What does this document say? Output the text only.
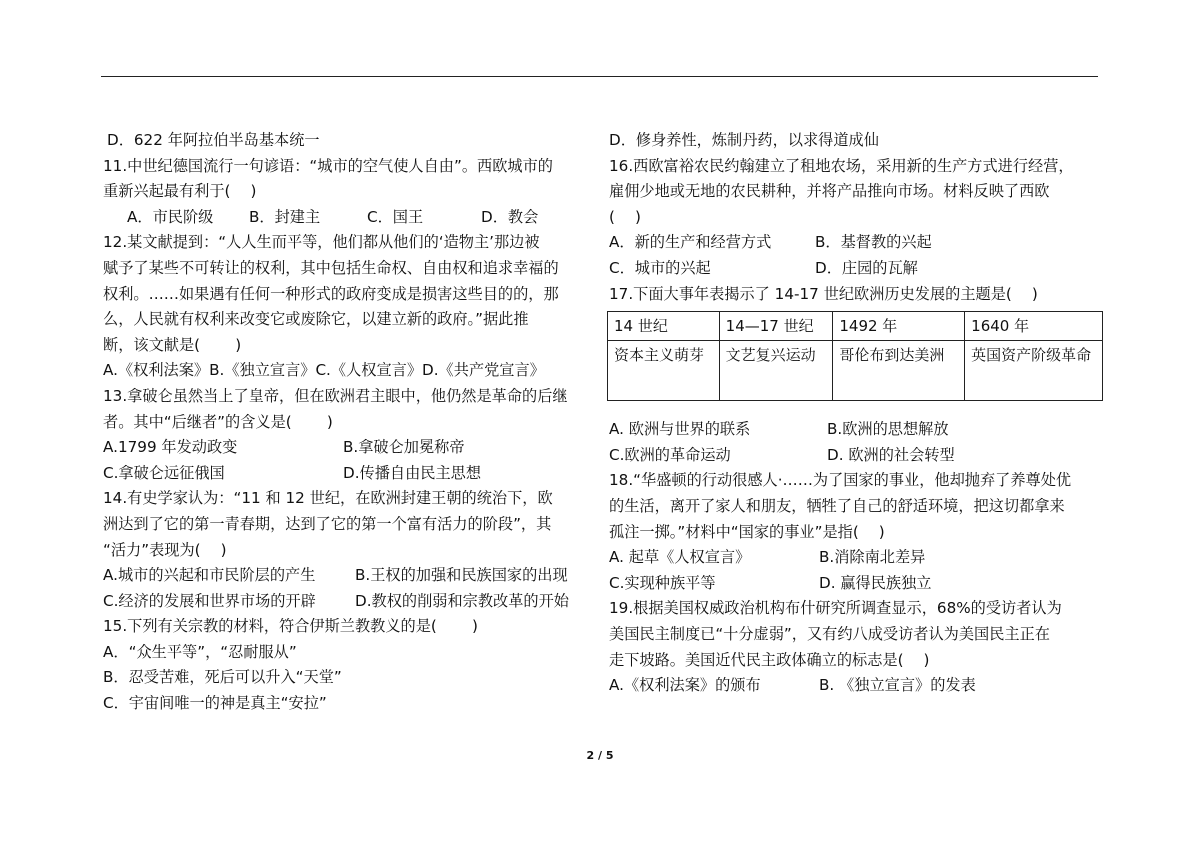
D．622 年阿拉伯半岛基本统一
11.中世纪德国流行一句谚语：“城市的空气使人自由”。西欧城市的
重新兴起最有利于(　 )
A．市民阶级 B．封建主	C．国王	D．教会
12.某文献提到：“人人生而平等，他们都从他们的‘造物主’那边被
赋予了某些不可转让的权利，其中包括生命权、自由权和追求幸福的
权利。……如果遇有任何一种形式的政府变成是损害这些目的的，那
么，人民就有权利来改变它或废除它，以建立新的政府。”据此推
断，该文献是(　 　)
A.《权利法案》B.《独立宣言》C.《人权宣言》D.《共产党宣言》
13.拿破仑虽然当上了皇帝，但在欧洲君主眼中，他仍然是革命的后继
者。其中“后继者”的含义是(　 　)
A.1799 年发动政变	B.拿破仑加冕称帝
C.拿破仑远征俄国	D.传播自由民主思想
14.有史学家认为：“11 和 12 世纪，在欧洲封建王朝的统治下，欧
洲达到了它的第一青春期，达到了它的第一个富有活力的阶段”，其
“活力”表现为(　 )
A.城市的兴起和市民阶层的产生	B.王权的加强和民族国家的出现
C.经济的发展和世界市场的开辟	D.教权的削弱和宗教改革的开始
15.下列有关宗教的材料，符合伊斯兰教教义的是(　 　)
A．“众生平等”，“忍耐服从”
B．忍受苦难，死后可以升入“天堂”
C．宇宙间唯一的神是真主“安拉”
D．修身养性，炼制丹药，以求得道成仙
16.西欧富裕农民约翰建立了租地农场，采用新的生产方式进行经营，
雇佣少地或无地的农民耕种，并将产品推向市场。材料反映了西欧
(　 )
A．新的生产和经营方式	B．基督教的兴起
C．城市的兴起	D．庄园的瓦解
17.下面大事年表揭示了 14-17 世纪欧洲历史发展的主题是(　 )
14 世纪	14—17 世纪	1492 年	1640 年
资本主义萌芽	文艺复兴运动	哥伦布到达美洲	英国资产阶级革命
A. 欧洲与世界的联系	B.欧洲的思想解放
C.欧洲的革命运动	D. 欧洲的社会转型
18.“华盛顿的行动很感人·……为了国家的事业，他却抛弃了养尊处优
的生活，离开了家人和朋友，牺牲了自己的舒适环境，把这切都拿来
孤注一掷。”材料中“国家的事业”是指(　 )
A. 起草《人权宣言》	B.消除南北差异
C.实现种族平等	D. 赢得民族独立
19.根据美国权威政治机构布什研究所调查显示，68%的受访者认为
美国民主制度已“十分虚弱”，又有约八成受访者认为美国民主正在
走下坡路。美国近代民主政体确立的标志是(　 )
A.《权利法案》的颁布	B. 《独立宣言》的发表
2 / 5
